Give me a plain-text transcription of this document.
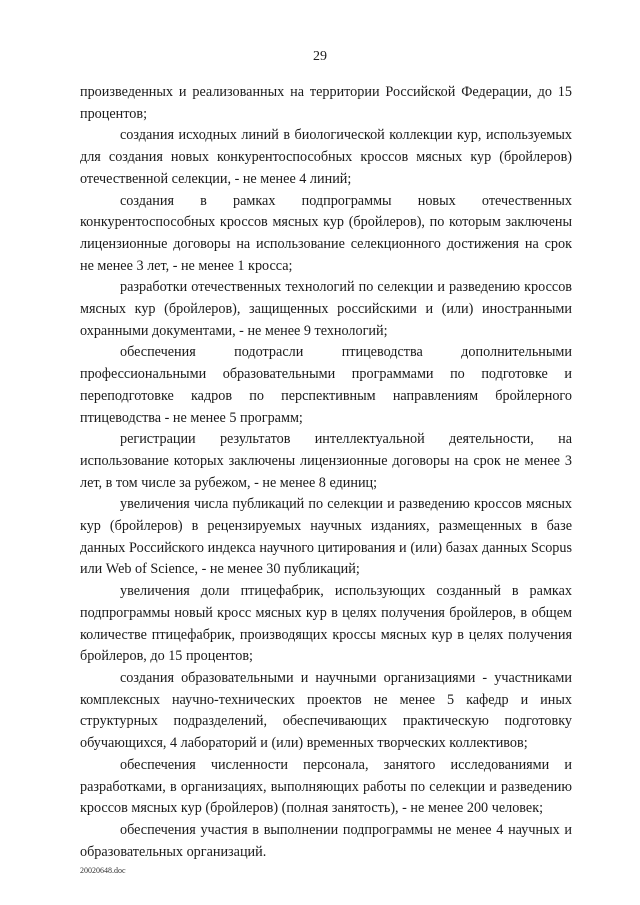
29

произведенных и реализованных на территории Российской Федерации, до 15 процентов;

создания исходных линий в биологической коллекции кур, используемых для создания новых конкурентоспособных кроссов мясных кур (бройлеров) отечественной селекции, - не менее 4 линий;

создания в рамках подпрограммы новых отечественных конкурентоспособных кроссов мясных кур (бройлеров), по которым заключены лицензионные договоры на использование селекционного достижения на срок не менее 3 лет, - не менее 1 кросса;

разработки отечественных технологий по селекции и разведению кроссов мясных кур (бройлеров), защищенных российскими и (или) иностранными охранными документами, - не менее 9 технологий;

обеспечения подотрасли птицеводства дополнительными профессиональными образовательными программами по подготовке и переподготовке кадров по перспективным направлениям бройлерного птицеводства - не менее 5 программ;

регистрации результатов интеллектуальной деятельности, на использование которых заключены лицензионные договоры на срок не менее 3 лет, в том числе за рубежом, - не менее 8 единиц;

увеличения числа публикаций по селекции и разведению кроссов мясных кур (бройлеров) в рецензируемых научных изданиях, размещенных в базе данных Российского индекса научного цитирования и (или) базах данных Scopus или Web of Science, - не менее 30 публикаций;

увеличения доли птицефабрик, использующих созданный в рамках подпрограммы новый кросс мясных кур в целях получения бройлеров, в общем количестве птицефабрик, производящих кроссы мясных кур в целях получения бройлеров, до 15 процентов;

создания образовательными и научными организациями - участниками комплексных научно-технических проектов не менее 5 кафедр и иных структурных подразделений, обеспечивающих практическую подготовку обучающихся, 4 лабораторий и (или) временных творческих коллективов;

обеспечения численности персонала, занятого исследованиями и разработками, в организациях, выполняющих работы по селекции и разведению кроссов мясных кур (бройлеров) (полная занятость), - не менее 200 человек;

обеспечения участия в выполнении подпрограммы не менее 4 научных и образовательных организаций.

20020648.doc
